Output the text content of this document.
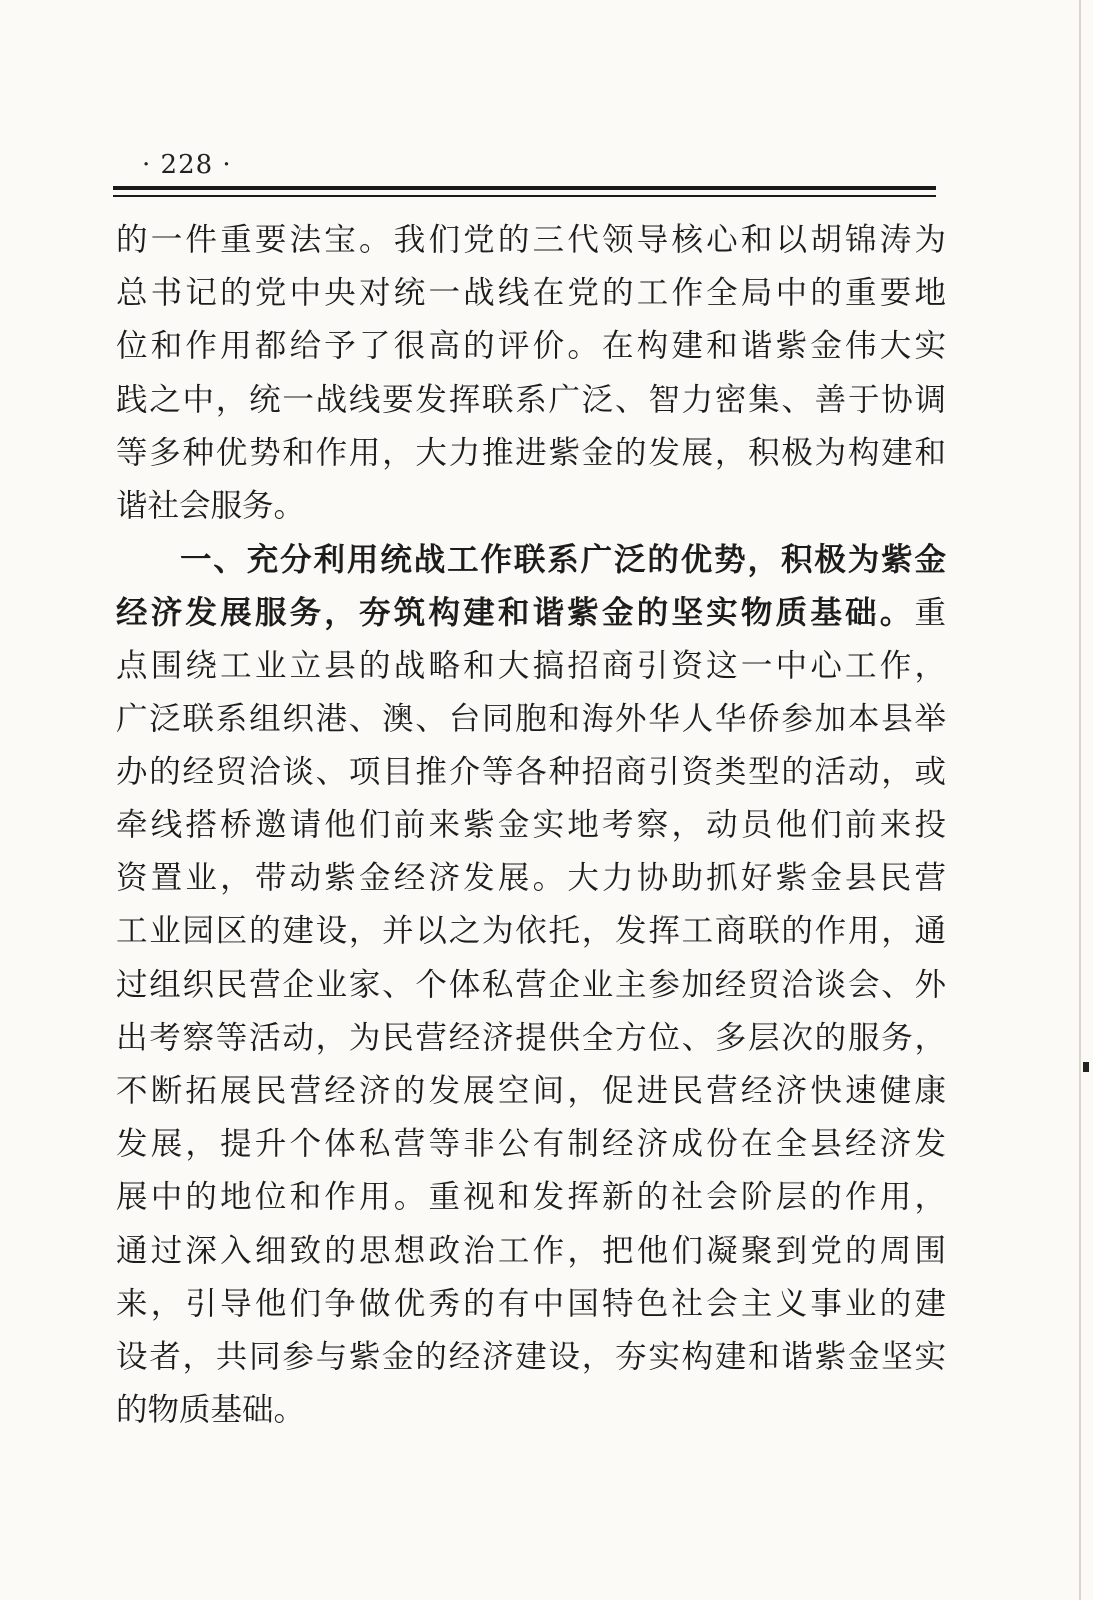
· 228 ·
的一件重要法宝。我们党的三代领导核心和以胡锦涛为
总书记的党中央对统一战线在党的工作全局中的重要地
位和作用都给予了很高的评价。在构建和谐紫金伟大实
践之中，统一战线要发挥联系广泛、智力密集、善于协调
等多种优势和作用，大力推进紫金的发展，积极为构建和
谐社会服务。
一、充分利用统战工作联系广泛的优势，积极为紫金
经济发展服务，夯筑构建和谐紫金的坚实物质基础。重
点围绕工业立县的战略和大搞招商引资这一中心工作，
广泛联系组织港、澳、台同胞和海外华人华侨参加本县举
办的经贸洽谈、项目推介等各种招商引资类型的活动，或
牵线搭桥邀请他们前来紫金实地考察，动员他们前来投
资置业，带动紫金经济发展。大力协助抓好紫金县民营
工业园区的建设，并以之为依托，发挥工商联的作用，通
过组织民营企业家、个体私营企业主参加经贸洽谈会、外
出考察等活动，为民营经济提供全方位、多层次的服务，
不断拓展民营经济的发展空间，促进民营经济快速健康
发展，提升个体私营等非公有制经济成份在全县经济发
展中的地位和作用。重视和发挥新的社会阶层的作用，
通过深入细致的思想政治工作，把他们凝聚到党的周围
来，引导他们争做优秀的有中国特色社会主义事业的建
设者，共同参与紫金的经济建设，夯实构建和谐紫金坚实
的物质基础。
